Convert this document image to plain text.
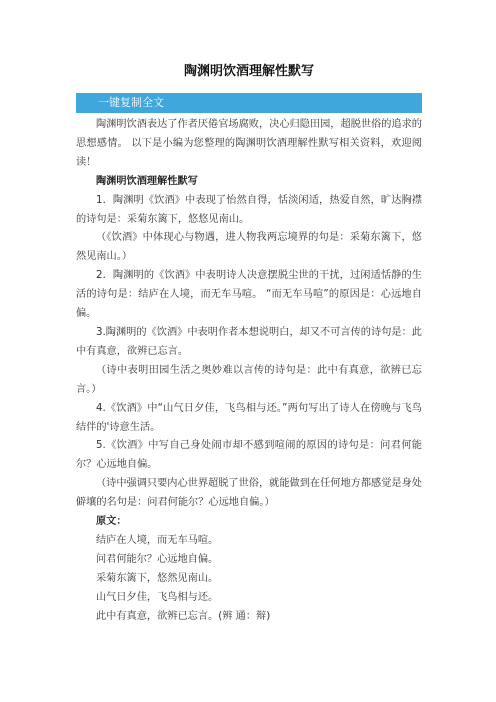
陶渊明饮酒理解性默写
一键复制全文

陶渊明饮酒表达了作者厌倦官场腐败，决心归隐田园，超脱世俗的追求的思想感情。 以下是小编为您整理的陶渊明饮酒理解性默写相关资料，欢迎阅读！

陶渊明饮酒理解性默写

1．陶渊明《饮酒》中表现了怡然自得，恬淡闲适，热爱自然，旷达胸襟的诗句是：采菊东篱下，悠悠见南山。

（《饮酒》中体现心与物遇，进人物我两忘境界的句是：采菊东篱下，悠然见南山。）

2．陶渊明的《饮酒》中表明诗人决意摆脱尘世的干扰，过闲适恬静的生活的诗句是：结庐在人境，而无车马喧。 “而无车马喧”的原因是：心远地自偏。

3.陶渊明的《饮酒》中表明作者本想说明白，却又不可言传的诗句是：此中有真意，欲辨已忘言。

（诗中表明田园生活之奥妙难以言传的诗句是：此中有真意，欲辨已忘言。）

4.《饮酒》中“山气日夕佳，飞鸟相与还。”两句写出了诗人在傍晚与飞鸟结伴的'诗意生活。

5.《饮酒》中写自己身处闹市却不感到喧闹的原因的诗句是：问君何能尔？心远地自偏。

（诗中强调只要内心世界超脱了世俗，就能做到在任何地方都感觉是身处僻壤的名句是：问君何能尔？心远地自偏。）

原文：

结庐在人境，而无车马喧。

问君何能尔？心远地自偏。

采菊东篱下，悠然见南山。

山气日夕佳，飞鸟相与还。

此中有真意，欲辨已忘言。(辨 通：辩)
